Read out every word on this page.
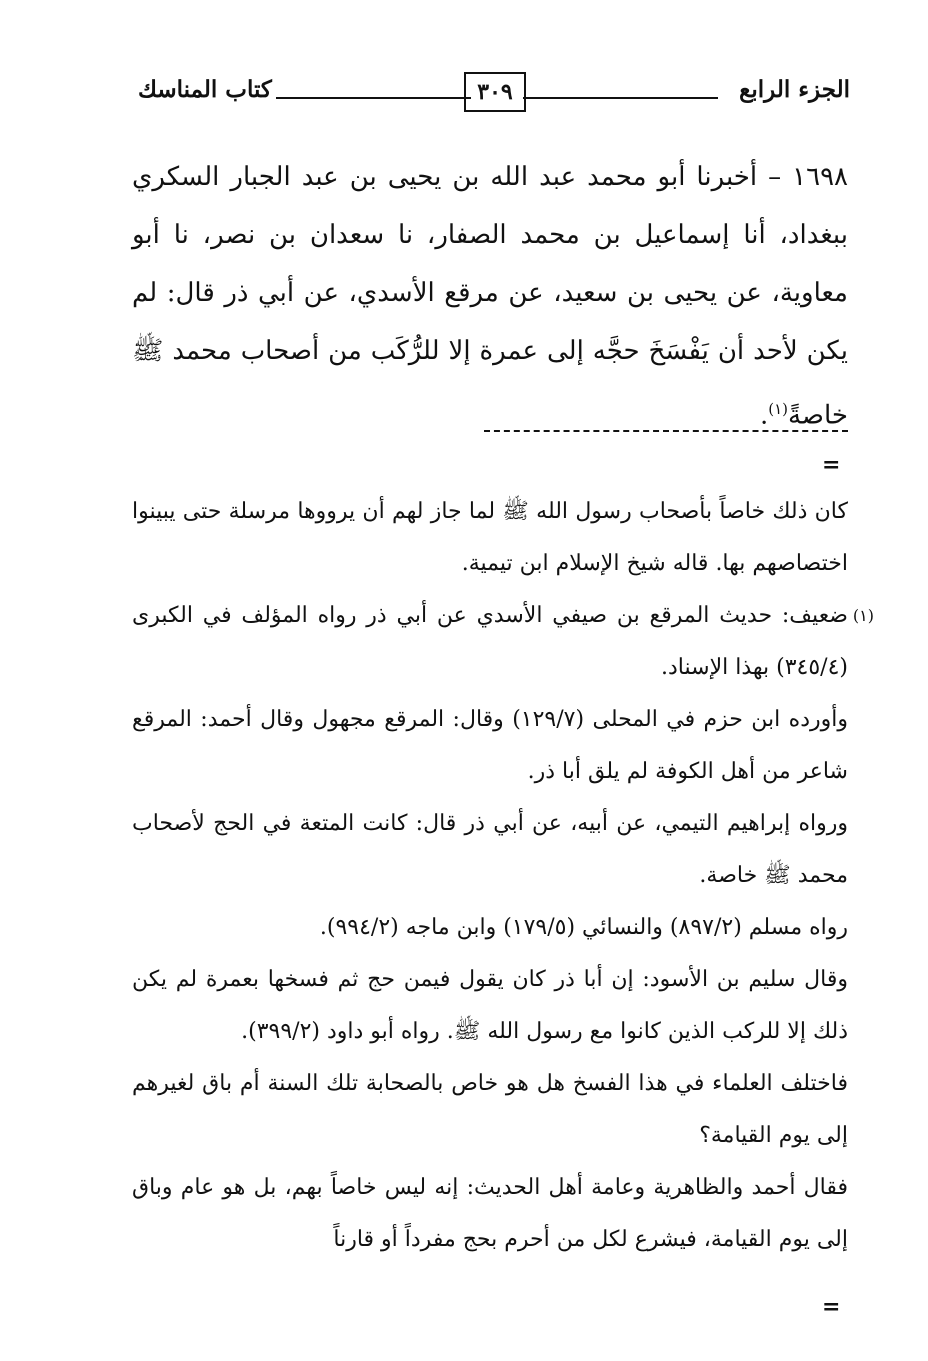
الجزء الرابع
٣٠٩
كتاب المناسك

١٦٩٨ – أخبرنا أبو محمد عبد الله بن يحيى بن عبد الجبار السكري ببغداد، أنا إسماعيل بن محمد الصفار، نا سعدان بن نصر، نا أبو معاوية، عن يحيى بن سعيد، عن مرقع الأسدي، عن أبي ذر قال: لم يكن لأحد أن يَفْسَخَ حجَّه إلى عمرة إلا للرُّكَب من أصحاب محمد ﷺ خاصةً$^{(١)}$.

=

كان ذلك خاصاً بأصحاب رسول الله ﷺ لما جاز لهم أن يرووها مرسلة حتى يبينوا اختصاصهم بها. قاله شيخ الإسلام ابن تيمية.

(١)
ضعيف: حديث المرقع بن صيفي الأسدي عن أبي ذر رواه المؤلف في الكبرى (٣٤٥/٤) بهذا الإسناد.

وأورده ابن حزم في المحلى (١٢٩/٧) وقال: المرقع مجهول وقال أحمد: المرقع شاعر من أهل الكوفة لم يلق أبا ذر.

ورواه إبراهيم التيمي، عن أبيه، عن أبي ذر قال: كانت المتعة في الحج لأصحاب محمد ﷺ خاصة.

رواه مسلم (٨٩٧/٢) والنسائي (١٧٩/٥) وابن ماجه (٩٩٤/٢).

وقال سليم بن الأسود: إن أبا ذر كان يقول فيمن حج ثم فسخها بعمرة لم يكن ذلك إلا للركب الذين كانوا مع رسول الله ﷺ. رواه أبو داود (٣٩٩/٢).

فاختلف العلماء في هذا الفسخ هل هو خاص بالصحابة تلك السنة أم باق لغيرهم إلى يوم القيامة؟

فقال أحمد والظاهرية وعامة أهل الحديث: إنه ليس خاصاً بهم، بل هو عام وباق إلى يوم القيامة، فيشرع لكل من أحرم بحج مفرداً أو قارناً

=
